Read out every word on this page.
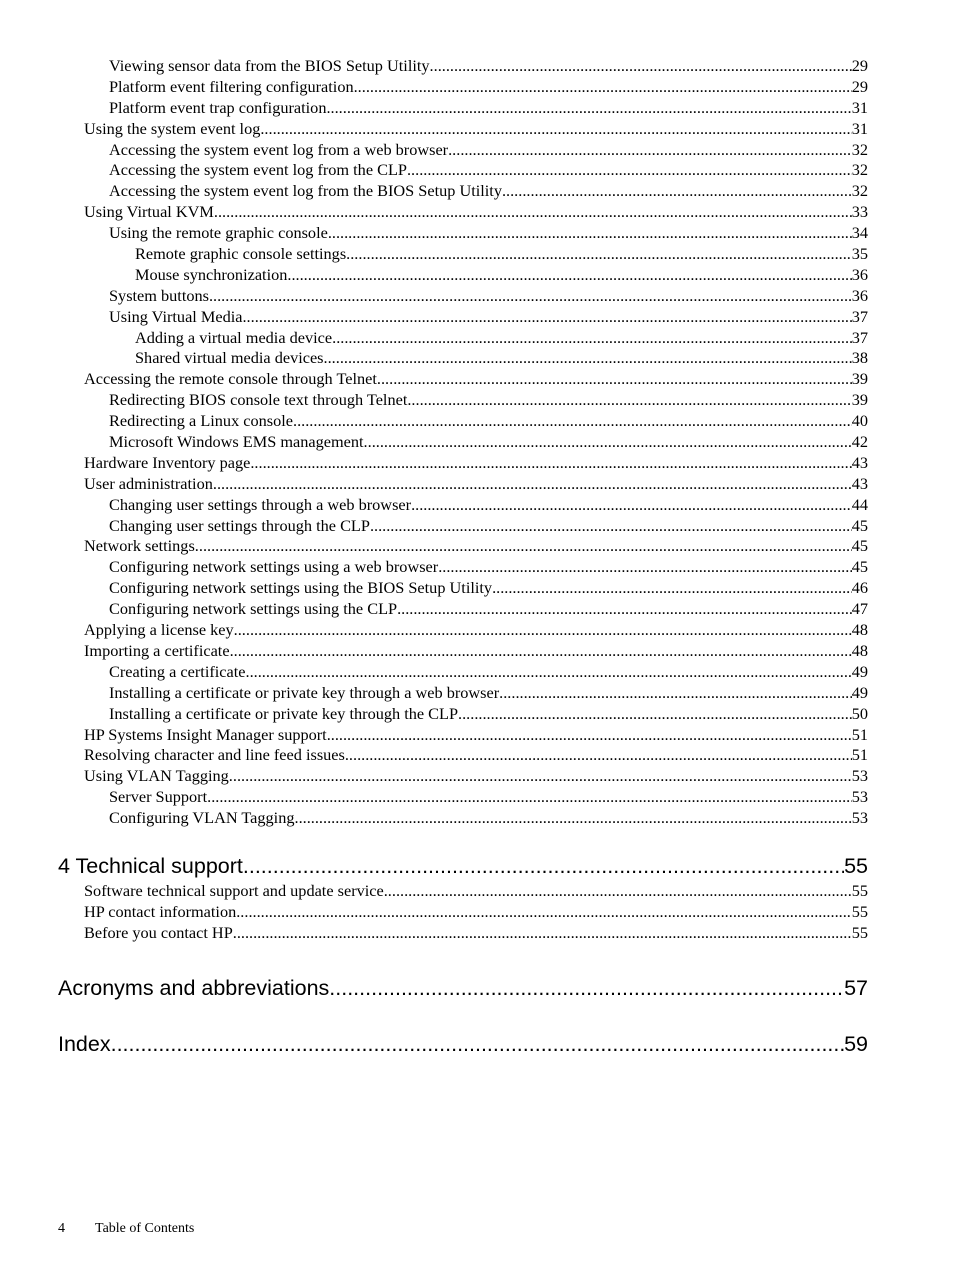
Viewing sensor data from the BIOS Setup Utility .....	29
Platform event filtering configuration .....	29
Platform event trap configuration .....	31
Using the system event log .....	31
Accessing the system event log from a web browser .....	32
Accessing the system event log from the CLP .....	32
Accessing the system event log from the BIOS Setup Utility .....	32
Using Virtual KVM .....	33
Using the remote graphic console .....	34
Remote graphic console settings .....	35
Mouse synchronization .....	36
System buttons .....	36
Using Virtual Media .....	37
Adding a virtual media device .....	37
Shared virtual media devices .....	38
Accessing the remote console through Telnet .....	39
Redirecting BIOS console text through Telnet .....	39
Redirecting a Linux console .....	40
Microsoft Windows EMS management .....	42
Hardware Inventory page .....	43
User administration .....	43
Changing user settings through a web browser .....	44
Changing user settings through the CLP .....	45
Network settings .....	45
Configuring network settings using a web browser .....	45
Configuring network settings using the BIOS Setup Utility .....	46
Configuring network settings using the CLP .....	47
Applying a license key .....	48
Importing a certificate .....	48
Creating a certificate .....	49
Installing a certificate or private key through a web browser .....	49
Installing a certificate or private key through the CLP .....	50
HP Systems Insight Manager support .....	51
Resolving character and line feed issues .....	51
Using VLAN Tagging .....	53
Server Support .....	53
Configuring VLAN Tagging .....	53
4 Technical support .....	55
Software technical support and update service .....	55
HP contact information .....	55
Before you contact HP .....	55
Acronyms and abbreviations .....	57
Index .....	59
4 Table of Contents
